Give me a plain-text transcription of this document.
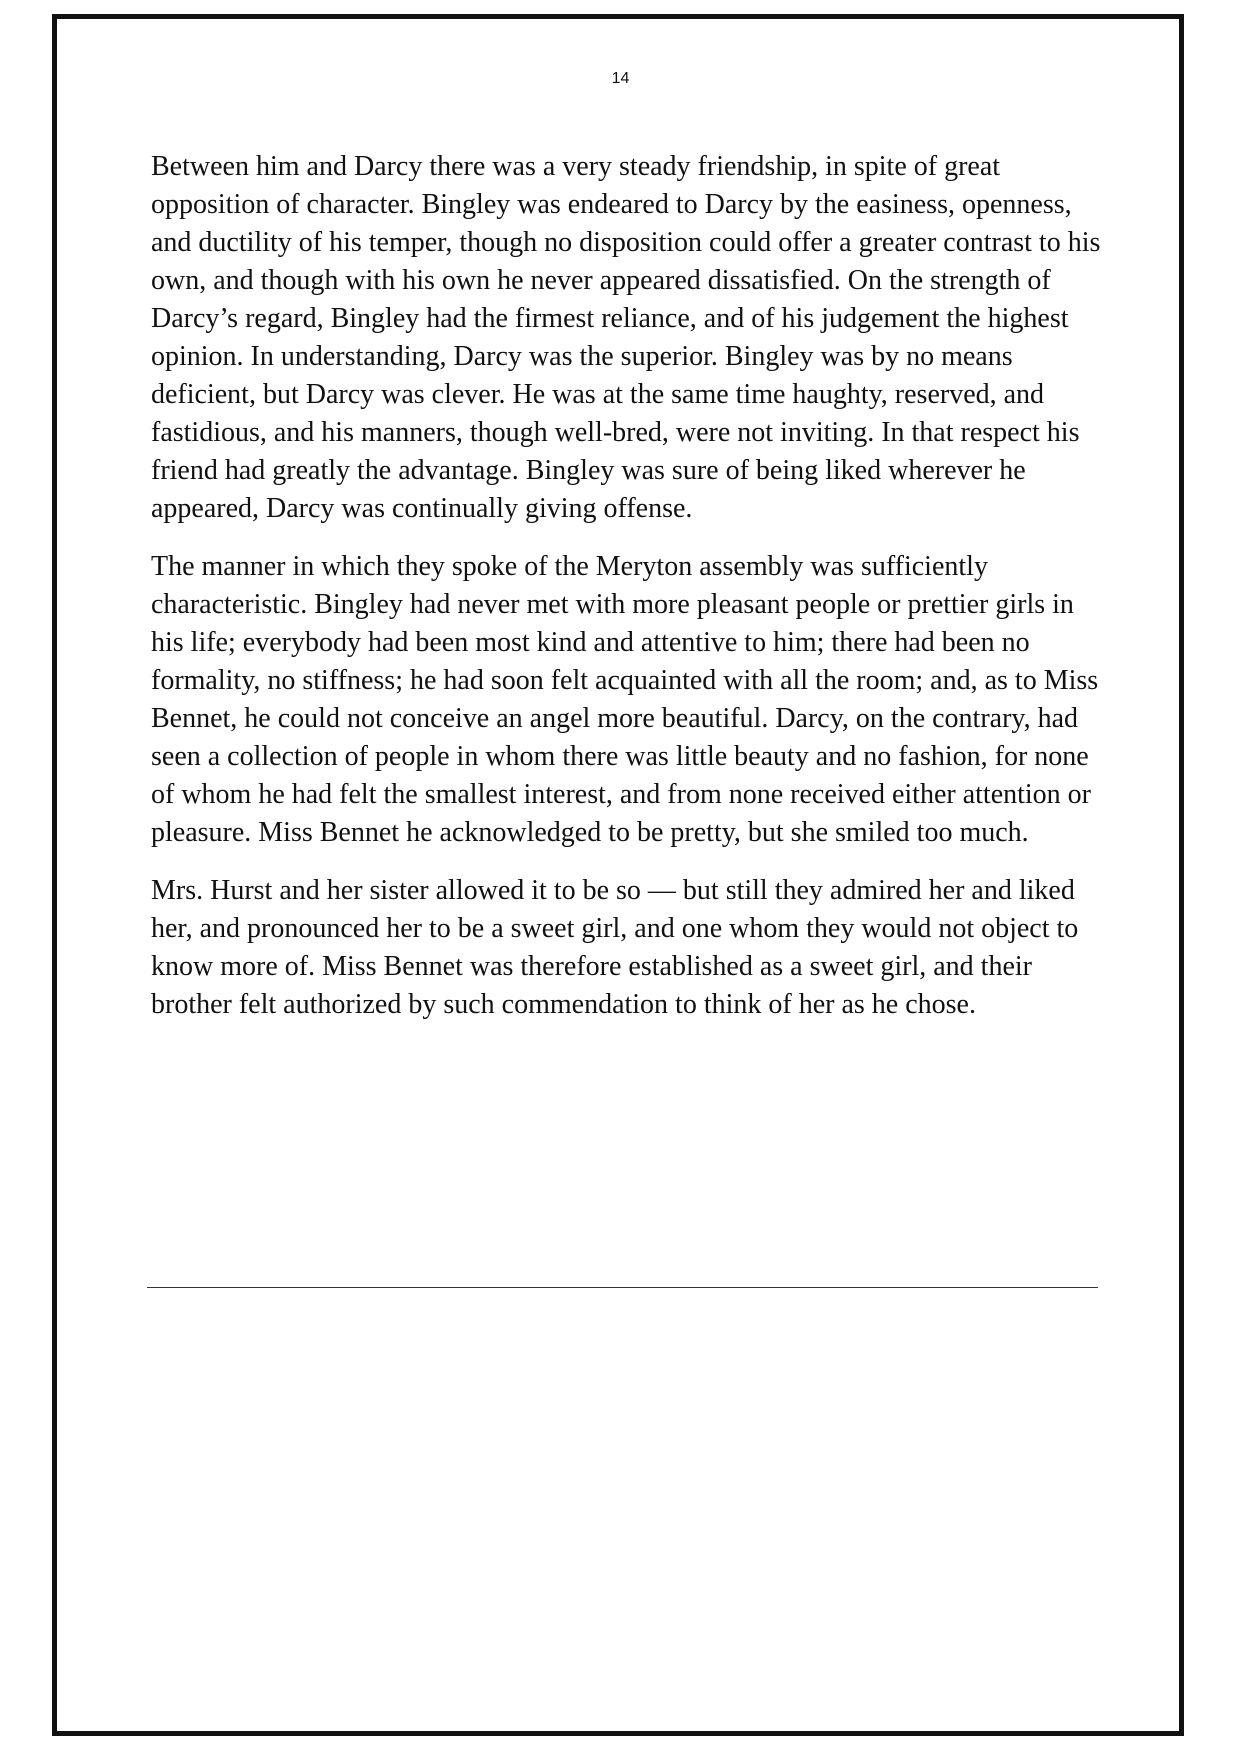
14

Between him and Darcy there was a very steady friendship, in spite of great opposition of character. Bingley was endeared to Darcy by the easiness, openness, and ductility of his temper, though no disposition could offer a greater contrast to his own, and though with his own he never appeared dissatisfied. On the strength of Darcy’s regard, Bingley had the firmest reliance, and of his judgement the highest opinion. In understanding, Darcy was the superior. Bingley was by no means deficient, but Darcy was clever. He was at the same time haughty, reserved, and fastidious, and his manners, though well-bred, were not inviting. In that respect his friend had greatly the advantage. Bingley was sure of being liked wherever he appeared, Darcy was continually giving offense.

The manner in which they spoke of the Meryton assembly was sufficiently characteristic. Bingley had never met with more pleasant people or prettier girls in his life; everybody had been most kind and attentive to him; there had been no formality, no stiffness; he had soon felt acquainted with all the room; and, as to Miss Bennet, he could not conceive an angel more beautiful. Darcy, on the contrary, had seen a collection of people in whom there was little beauty and no fashion, for none of whom he had felt the smallest interest, and from none received either attention or pleasure. Miss Bennet he acknowledged to be pretty, but she smiled too much.

Mrs. Hurst and her sister allowed it to be so — but still they admired her and liked her, and pronounced her to be a sweet girl, and one whom they would not object to know more of. Miss Bennet was therefore established as a sweet girl, and their brother felt authorized by such commendation to think of her as he chose.
